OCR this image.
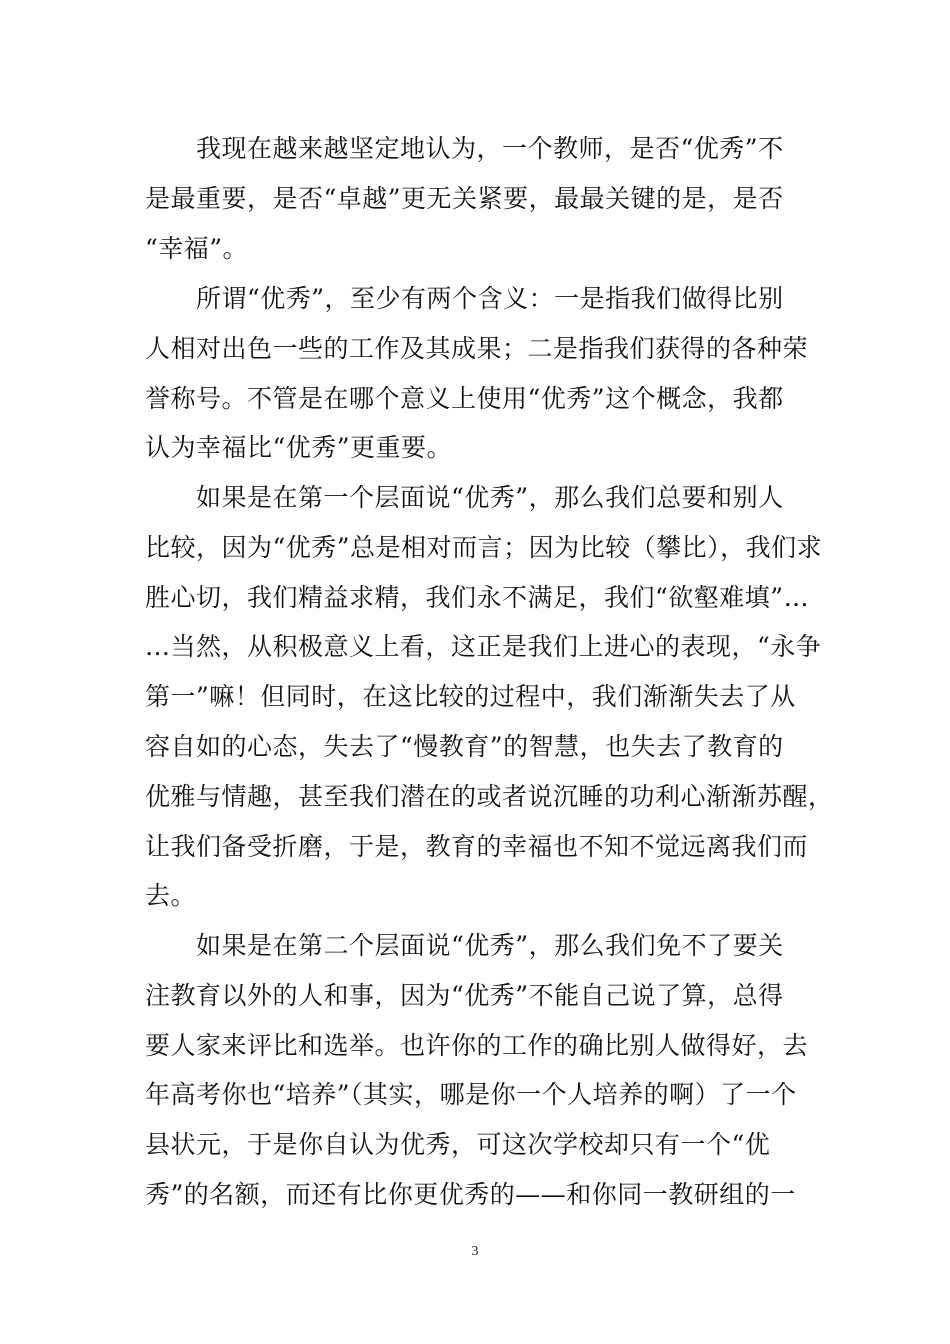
　　我现在越来越坚定地认为，一个教师，是否“优秀”不
是最重要，是否“卓越”更无关紧要，最最关键的是，是否
“幸福”。
　　所谓“优秀”，至少有两个含义：一是指我们做得比别
人相对出色一些的工作及其成果；二是指我们获得的各种荣
誉称号。不管是在哪个意义上使用“优秀”这个概念，我都
认为幸福比“优秀”更重要。
　　如果是在第一个层面说“优秀”，那么我们总要和别人
比较，因为“优秀”总是相对而言；因为比较（攀比），我们求
胜心切，我们精益求精，我们永不满足，我们“欲壑难填”…
…当然，从积极意义上看，这正是我们上进心的表现，“永争
第一”嘛！但同时，在这比较的过程中，我们渐渐失去了从
容自如的心态，失去了“慢教育”的智慧，也失去了教育的
优雅与情趣，甚至我们潜在的或者说沉睡的功利心渐渐苏醒，
让我们备受折磨，于是，教育的幸福也不知不觉远离我们而
去。
　　如果是在第二个层面说“优秀”，那么我们免不了要关
注教育以外的人和事，因为“优秀”不能自己说了算，总得
要人家来评比和选举。也许你的工作的确比别人做得好，去
年高考你也“培养”（其实，哪是你一个人培养的啊）了一个
县状元，于是你自认为优秀，可这次学校却只有一个“优
秀”的名额，而还有比你更优秀的——和你同一教研组的一
3
